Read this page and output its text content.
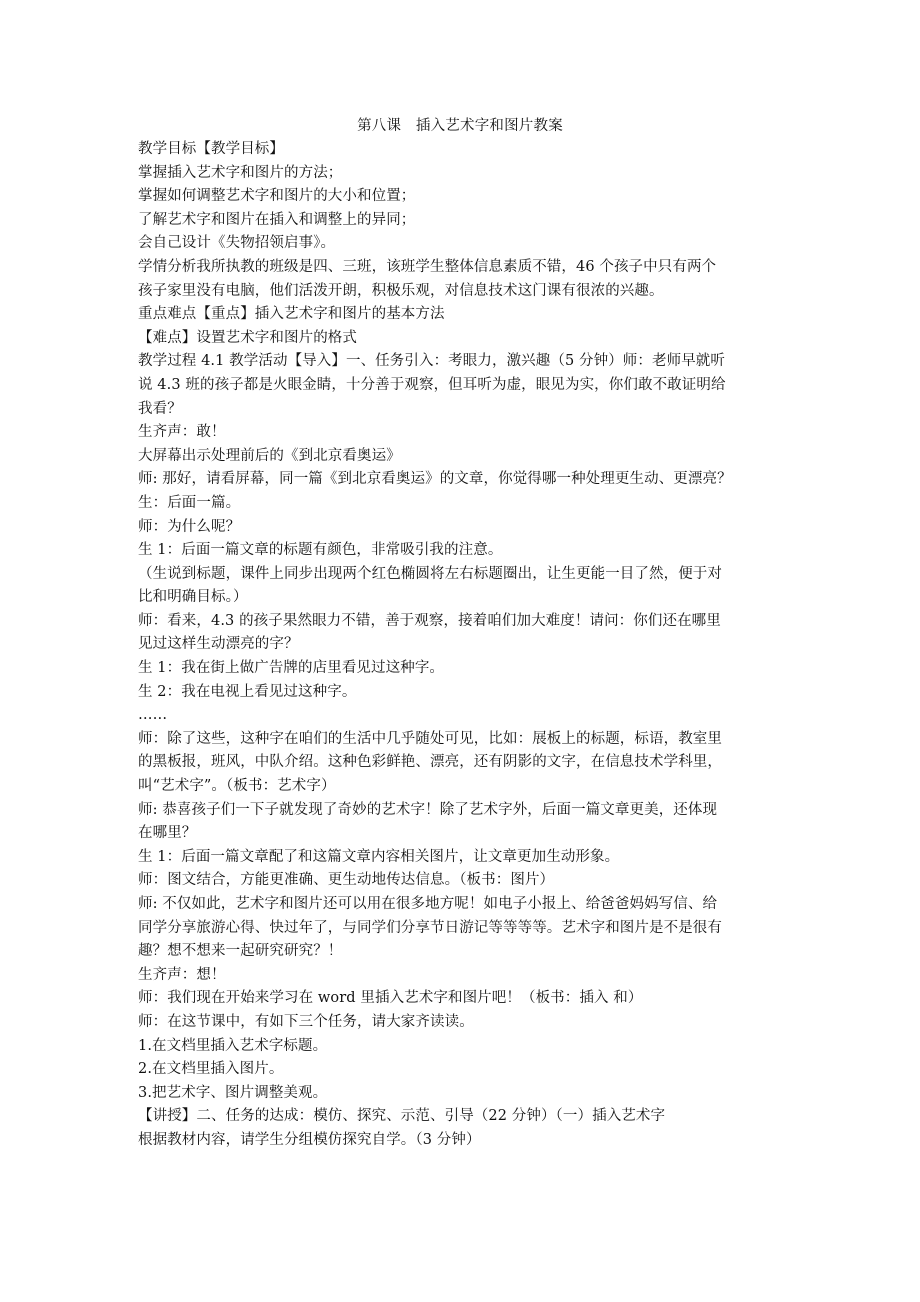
第八课　插入艺术字和图片教案
教学目标【教学目标】
掌握插入艺术字和图片的方法；
掌握如何调整艺术字和图片的大小和位置；
了解艺术字和图片在插入和调整上的异同；
会自己设计《失物招领启事》。
学情分析我所执教的班级是四、三班，该班学生整体信息素质不错，46 个孩子中只有两个
孩子家里没有电脑，他们活泼开朗，积极乐观，对信息技术这门课有很浓的兴趣。
重点难点【重点】插入艺术字和图片的基本方法
【难点】设置艺术字和图片的格式
教学过程 4.1 教学活动【导入】一、任务引入：考眼力，激兴趣（5 分钟）师：老师早就听
说 4.3 班的孩子都是火眼金睛，十分善于观察，但耳听为虚，眼见为实，你们敢不敢证明给
我看？
生齐声：敢！
大屏幕出示处理前后的《到北京看奥运》
师: 那好，请看屏幕，同一篇《到北京看奥运》的文章，你觉得哪一种处理更生动、更漂亮？
生：后面一篇。
师：为什么呢？
生 1：后面一篇文章的标题有颜色，非常吸引我的注意。
（生说到标题，课件上同步出现两个红色椭圆将左右标题圈出，让生更能一目了然，便于对
比和明确目标。）
师：看来，4.3 的孩子果然眼力不错，善于观察，接着咱们加大难度！请问：你们还在哪里
见过这样生动漂亮的字？
生 1：我在街上做广告牌的店里看见过这种字。
生 2：我在电视上看见过这种字。
……
师：除了这些，这种字在咱们的生活中几乎随处可见，比如：展板上的标题，标语，教室里
的黑板报，班风，中队介绍。这种色彩鲜艳、漂亮，还有阴影的文字，在信息技术学科里，
叫“艺术字”。（板书：艺术字）
师: 恭喜孩子们一下子就发现了奇妙的艺术字！除了艺术字外，后面一篇文章更美，还体现
在哪里？
生 1：后面一篇文章配了和这篇文章内容相关图片，让文章更加生动形象。
师：图文结合，方能更准确、更生动地传达信息。（板书：图片）
师: 不仅如此，艺术字和图片还可以用在很多地方呢！如电子小报上、给爸爸妈妈写信、给
同学分享旅游心得、快过年了，与同学们分享节日游记等等等等。艺术字和图片是不是很有
趣？想不想来一起研究研究？！
生齐声：想！
师：我们现在开始来学习在 word 里插入艺术字和图片吧！（板书：插入 和）
师：在这节课中，有如下三个任务，请大家齐读读。
1.在文档里插入艺术字标题。
2.在文档里插入图片。
3.把艺术字、图片调整美观。
【讲授】二、任务的达成：模仿、探究、示范、引导（22 分钟）（一）插入艺术字
根据教材内容，请学生分组模仿探究自学。（3 分钟）
